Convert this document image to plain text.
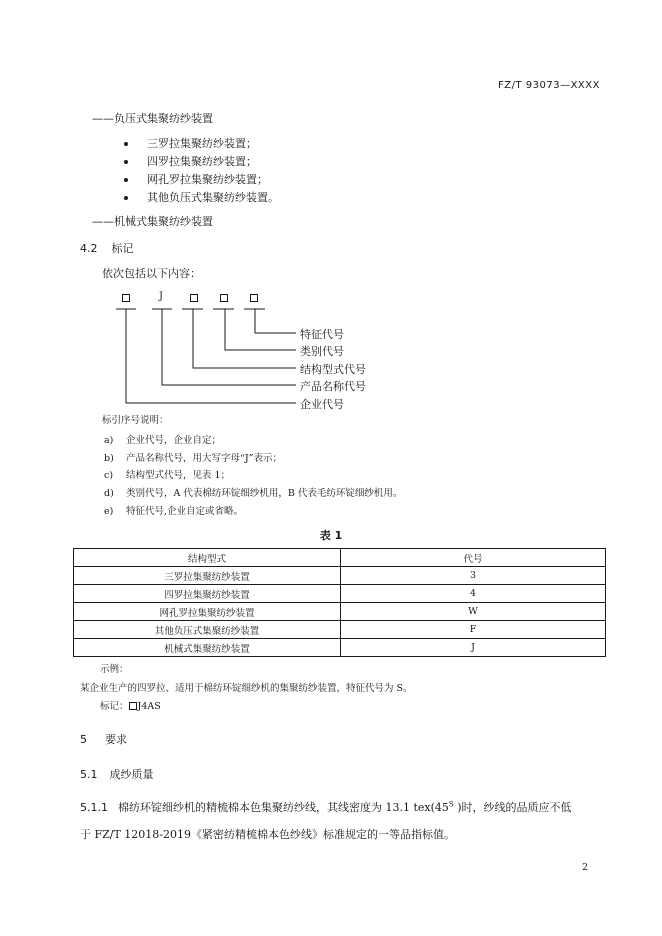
FZ/T 93073—XXXX
——负压式集聚纺纱装置
三罗拉集聚纺纱装置；
四罗拉集聚纺纱装置；
网孔罗拉集聚纺纱装置；
其他负压式集聚纺纱装置。
——机械式集聚纺纱装置
4.2 标记
依次包括以下内容：
J
特征代号
类别代号
结构型式代号
产品名称代号
企业代号
标引序号说明：
a) 企业代号，企业自定；
b) 产品名称代号，用大写字母“J”表示；
c) 结构型式代号，见表 1；
d) 类别代号，A 代表棉纺环锭细纱机用，B 代表毛纺环锭细纱机用。
e) 特征代号,企业自定或省略。
表 1
结构型式	代号
三罗拉集聚纺纱装置	3
四罗拉集聚纺纱装置	4
网孔罗拉集聚纺纱装置	W
其他负压式集聚纺纱装置	F
机械式集聚纺纱装置	J
示例：
某企业生产的四罗拉、适用于棉纺环锭细纱机的集聚纺纱装置，特征代号为 S。
标记： J4AS
5 要求
5.1 成纱质量
5.1.1 棉纺环锭细纱机的精梳棉本色集聚纺纱线，其线密度为 13.1 $tex(45^S$ )时，纱线的品质应不低
于 FZ/T 12018-2019《紧密纺精梳棉本色纱线》标准规定的一等品指标值。
2
